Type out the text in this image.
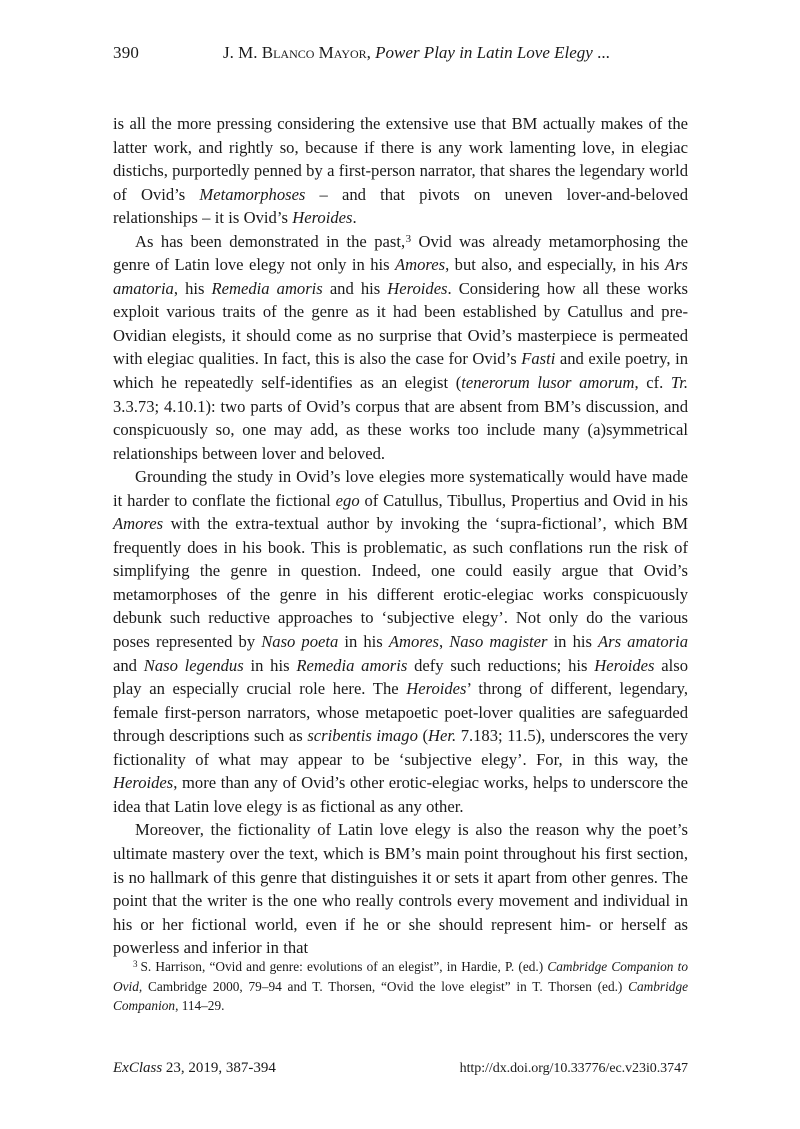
390	J. M. Blanco Mayor, Power Play in Latin Love Elegy ...

is all the more pressing considering the extensive use that BM actually makes of the latter work, and rightly so, because if there is any work lamenting love, in elegiac distichs, purportedly penned by a first-person narrator, that shares the legendary world of Ovid’s Metamorphoses – and that pivots on uneven lover-and-beloved relationships – it is Ovid’s Heroides.

As has been demonstrated in the past,$^3$ Ovid was already metamorphosing the genre of Latin love elegy not only in his Amores, but also, and especially, in his Ars amatoria, his Remedia amoris and his Heroides. Considering how all these works exploit various traits of the genre as it had been established by Catullus and pre-Ovidian elegists, it should come as no surprise that Ovid’s masterpiece is permeated with elegiac qualities. In fact, this is also the case for Ovid’s Fasti and exile poetry, in which he repeatedly self-identifies as an elegist (tenerorum lusor amorum, cf. Tr. 3.3.73; 4.10.1): two parts of Ovid’s corpus that are absent from BM’s discussion, and conspicuously so, one may add, as these works too include many (a)symmetrical relationships between lover and beloved.

Grounding the study in Ovid’s love elegies more systematically would have made it harder to conflate the fictional ego of Catullus, Tibullus, Propertius and Ovid in his Amores with the extra-textual author by invoking the ‘supra-fictional’, which BM frequently does in his book. This is problematic, as such conflations run the risk of simplifying the genre in question. Indeed, one could easily argue that Ovid’s metamorphoses of the genre in his different erotic-elegiac works conspicuously debunk such reductive approaches to ‘subjective elegy’. Not only do the various poses represented by Naso poeta in his Amores, Naso magister in his Ars amatoria and Naso legendus in his Remedia amoris defy such reductions; his Heroides also play an especially crucial role here. The Heroides’ throng of different, legendary, female first-person narrators, whose metapoetic poet-lover qualities are safeguarded through descriptions such as scribentis imago (Her. 7.183; 11.5), underscores the very fictionality of what may appear to be ‘subjective elegy’. For, in this way, the Heroides, more than any of Ovid’s other erotic-elegiac works, helps to underscore the idea that Latin love elegy is as fictional as any other.

Moreover, the fictionality of Latin love elegy is also the reason why the poet’s ultimate mastery over the text, which is BM’s main point throughout his first section, is no hallmark of this genre that distinguishes it or sets it apart from other genres. The point that the writer is the one who really controls every movement and individual in his or her fictional world, even if he or she should represent him- or herself as powerless and inferior in that

$^3$ S. Harrison, “Ovid and genre: evolutions of an elegist”, in Hardie, P. (ed.) Cambridge Companion to Ovid, Cambridge 2000, 79–94 and T. Thorsen, “Ovid the love elegist” in T. Thorsen (ed.) Cambridge Companion, 114–29.

ExClass 23, 2019, 387-394	http://dx.doi.org/10.33776/ec.v23i0.3747
